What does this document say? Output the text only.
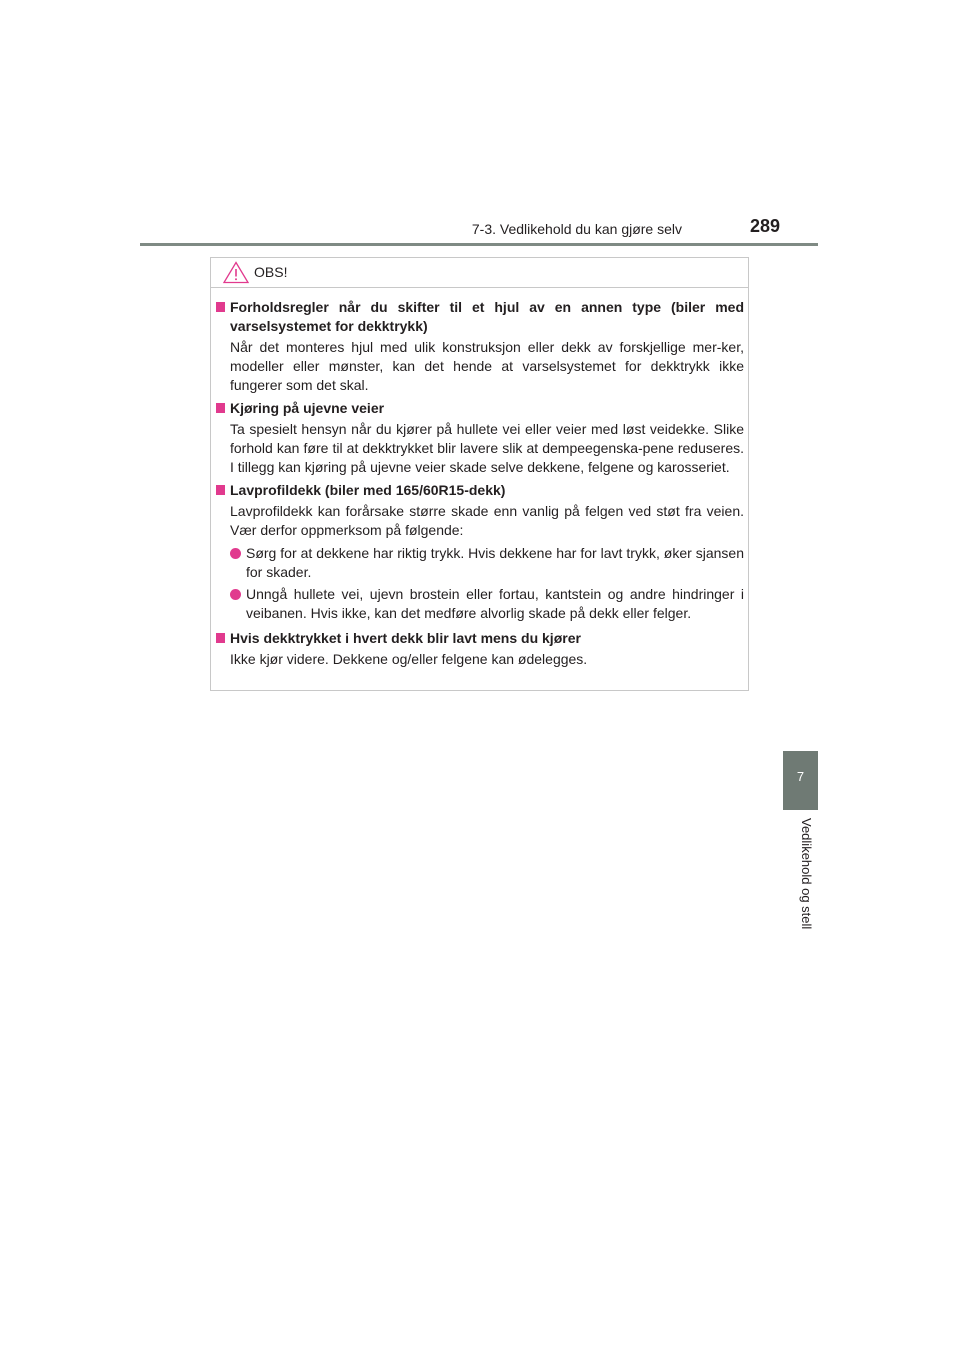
7-3. Vedlikehold du kan gjøre selv	289
7
Vedlikehold og stell
OBS!
Forholdsregler når du skifter til et hjul av en annen type (biler med varselsystemet for dekktrykk)
Når det monteres hjul med ulik konstruksjon eller dekk av forskjellige mer-ker, modeller eller mønster, kan det hende at varselsystemet for dekktrykk ikke fungerer som det skal.
Kjøring på ujevne veier
Ta spesielt hensyn når du kjører på hullete vei eller veier med løst veidekke. Slike forhold kan føre til at dekktrykket blir lavere slik at dempeegenska-pene reduseres. I tillegg kan kjøring på ujevne veier skade selve dekkene, felgene og karosseriet.
Lavprofildekk (biler med 165/60R15-dekk)
Lavprofildekk kan forårsake større skade enn vanlig på felgen ved støt fra veien. Vær derfor oppmerksom på følgende:
Sørg for at dekkene har riktig trykk. Hvis dekkene har for lavt trykk, øker sjansen for skader.
Unngå hullete vei, ujevn brostein eller fortau, kantstein og andre hindringer i veibanen. Hvis ikke, kan det medføre alvorlig skade på dekk eller felger.
Hvis dekktrykket i hvert dekk blir lavt mens du kjører
Ikke kjør videre. Dekkene og/eller felgene kan ødelegges.
